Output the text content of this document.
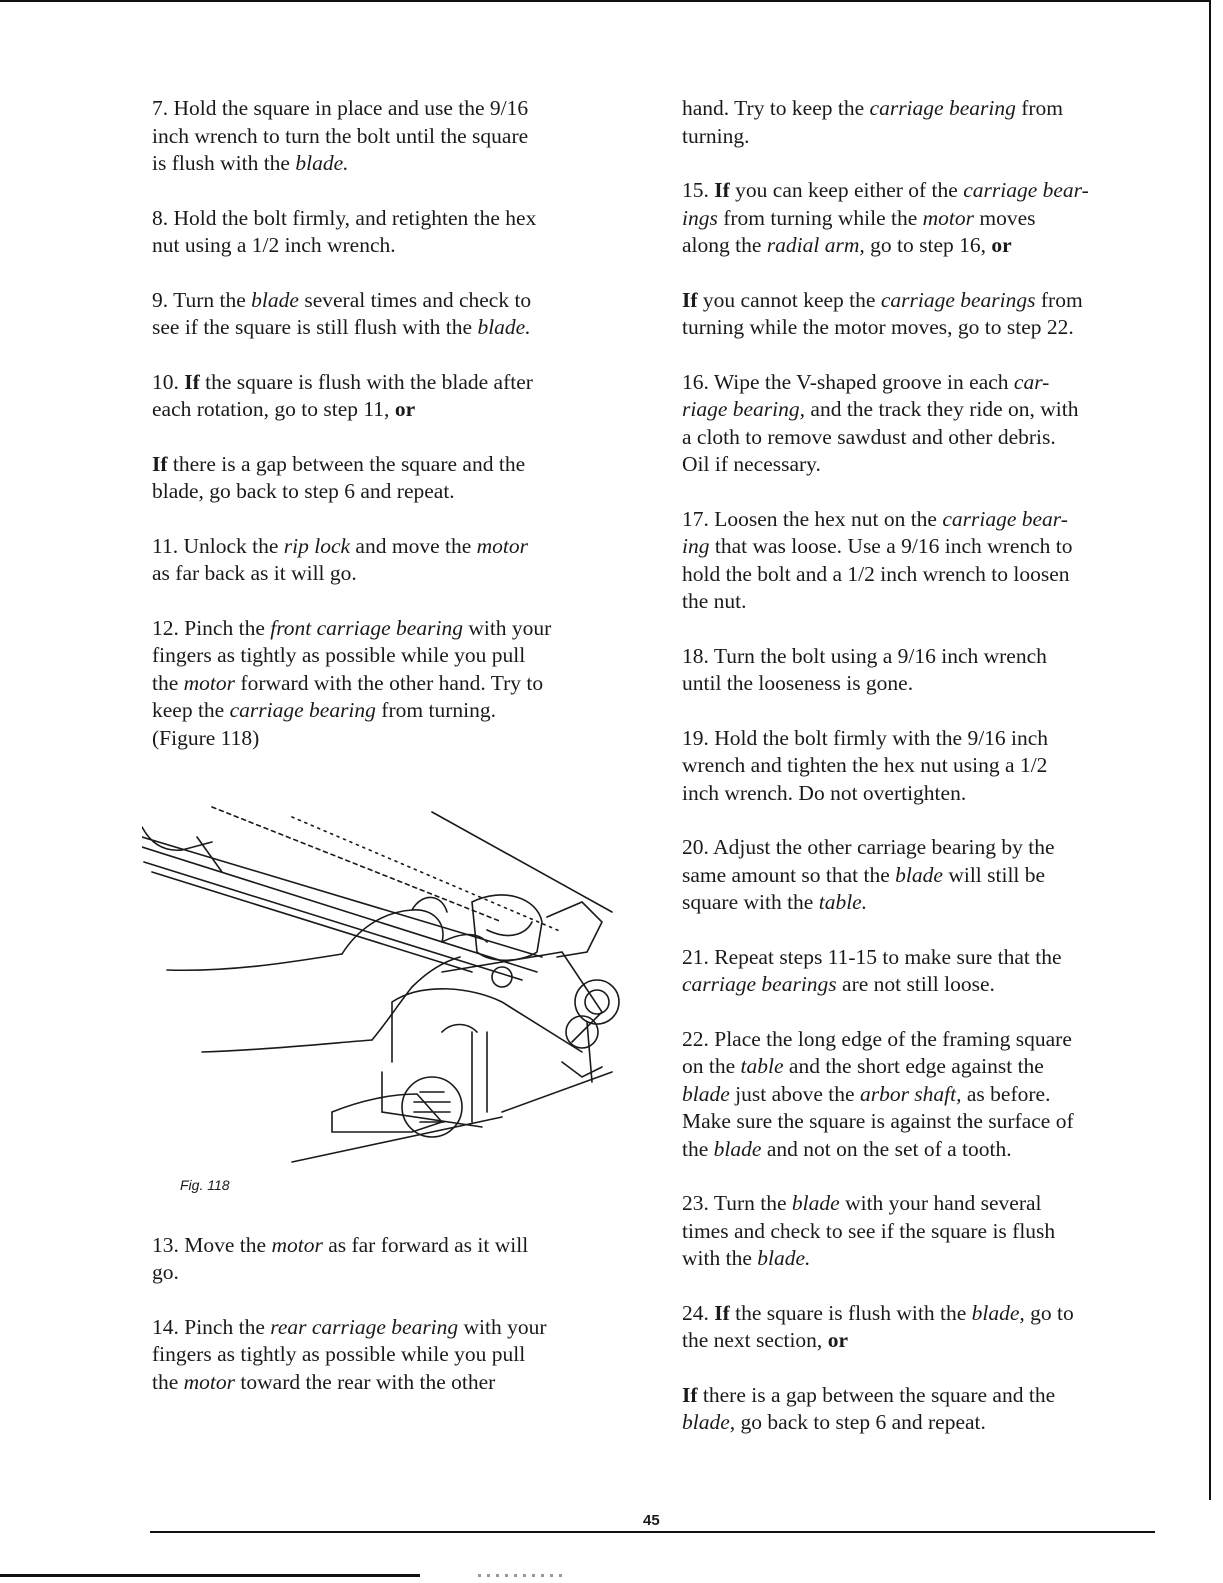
7. Hold the square in place and use the 9/16
inch wrench to turn the bolt until the square
is flush with the blade.

8. Hold the bolt firmly, and retighten the hex
nut using a 1/2 inch wrench.

9. Turn the blade several times and check to
see if the square is still flush with the blade.

10. If the square is flush with the blade after
each rotation, go to step 11, or

If there is a gap between the square and the
blade, go back to step 6 and repeat.

11. Unlock the rip lock and move the motor
as far back as it will go.

12. Pinch the front carriage bearing with your
fingers as tightly as possible while you pull
the motor forward with the other hand. Try to
keep the carriage bearing from turning.
(Figure 118)

Fig. 118

13. Move the motor as far forward as it will
go.

14. Pinch the rear carriage bearing with your
fingers as tightly as possible while you pull
the motor toward the rear with the other

hand. Try to keep the carriage bearing from
turning.

15. If you can keep either of the carriage bear-
ings from turning while the motor moves
along the radial arm, go to step 16, or

If you cannot keep the carriage bearings from
turning while the motor moves, go to step 22.

16. Wipe the V-shaped groove in each car-
riage bearing, and the track they ride on, with
a cloth to remove sawdust and other debris.
Oil if necessary.

17. Loosen the hex nut on the carriage bear-
ing that was loose. Use a 9/16 inch wrench to
hold the bolt and a 1/2 inch wrench to loosen
the nut.

18. Turn the bolt using a 9/16 inch wrench
until the looseness is gone.

19. Hold the bolt firmly with the 9/16 inch
wrench and tighten the hex nut using a 1/2
inch wrench. Do not overtighten.

20. Adjust the other carriage bearing by the
same amount so that the blade will still be
square with the table.

21. Repeat steps 11-15 to make sure that the
carriage bearings are not still loose.

22. Place the long edge of the framing square
on the table and the short edge against the
blade just above the arbor shaft, as before.
Make sure the square is against the surface of
the blade and not on the set of a tooth.

23. Turn the blade with your hand several
times and check to see if the square is flush
with the blade.

24. If the square is flush with the blade, go to
the next section, or

If there is a gap between the square and the
blade, go back to step 6 and repeat.

45
